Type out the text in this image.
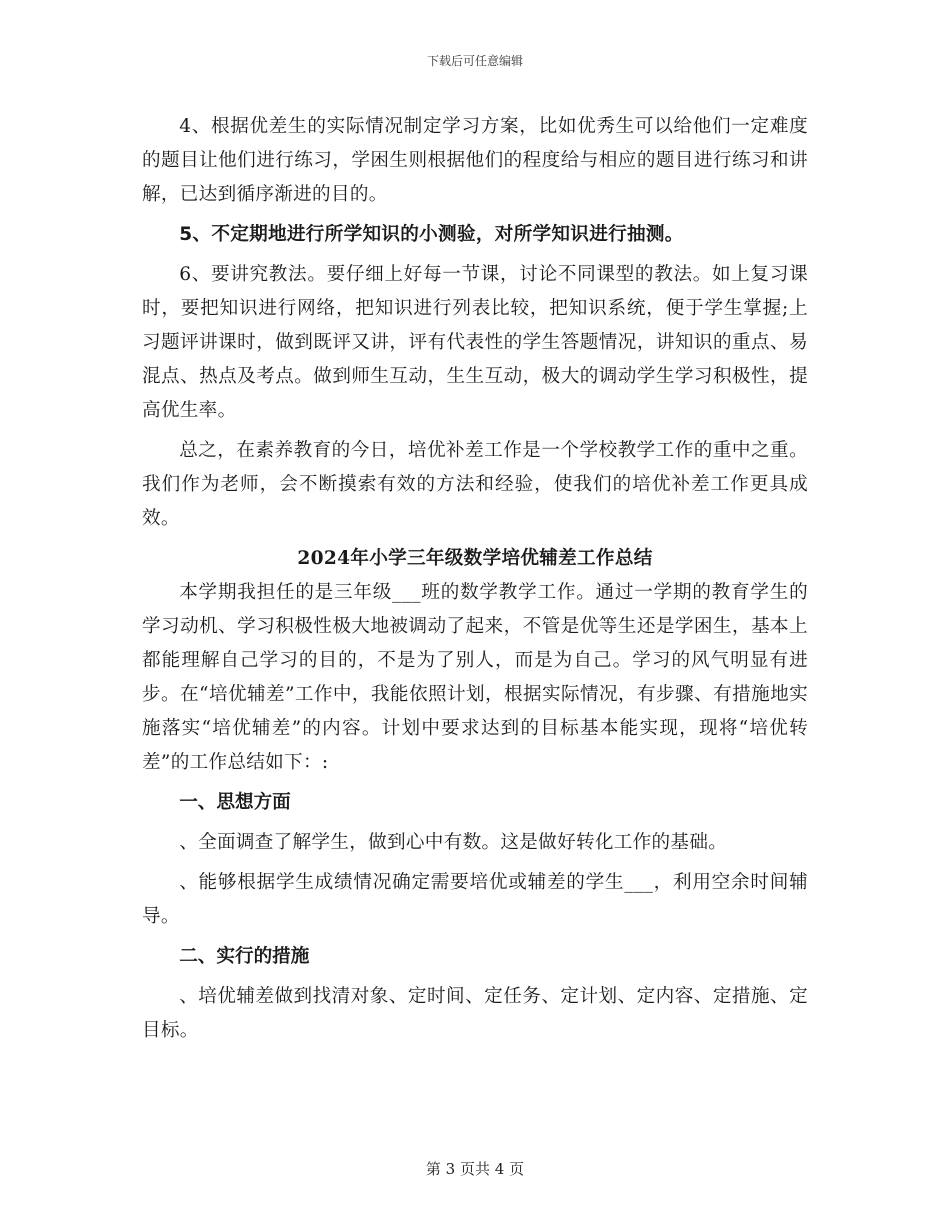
下载后可任意编辑

4、根据优差生的实际情况制定学习方案，比如优秀生可以给他们一定难度的题目让他们进行练习，学困生则根据他们的程度给与相应的题目进行练习和讲解，已达到循序渐进的目的。

5、不定期地进行所学知识的小测验，对所学知识进行抽测。

6、要讲究教法。要仔细上好每一节课，讨论不同课型的教法。如上复习课时，要把知识进行网络，把知识进行列表比较，把知识系统，便于学生掌握;上习题评讲课时，做到既评又讲，评有代表性的学生答题情况，讲知识的重点、易混点、热点及考点。做到师生互动，生生互动，极大的调动学生学习积极性，提高优生率。

总之，在素养教育的今日，培优补差工作是一个学校教学工作的重中之重。我们作为老师，会不断摸索有效的方法和经验，使我们的培优补差工作更具成效。

2024年小学三年级数学培优辅差工作总结

本学期我担任的是三年级___班的数学教学工作。通过一学期的教育学生的学习动机、学习积极性极大地被调动了起来，不管是优等生还是学困生，基本上都能理解自己学习的目的，不是为了别人，而是为自己。学习的风气明显有进步。在“培优辅差”工作中，我能依照计划，根据实际情况，有步骤、有措施地实施落实“培优辅差”的内容。计划中要求达到的目标基本能实现，现将“培优转差”的工作总结如下：:

一、思想方面

、全面调查了解学生，做到心中有数。这是做好转化工作的基础。

、能够根据学生成绩情况确定需要培优或辅差的学生___，利用空余时间辅导。

二、实行的措施

、培优辅差做到找清对象、定时间、定任务、定计划、定内容、定措施、定目标。

第 3 页共 4 页
